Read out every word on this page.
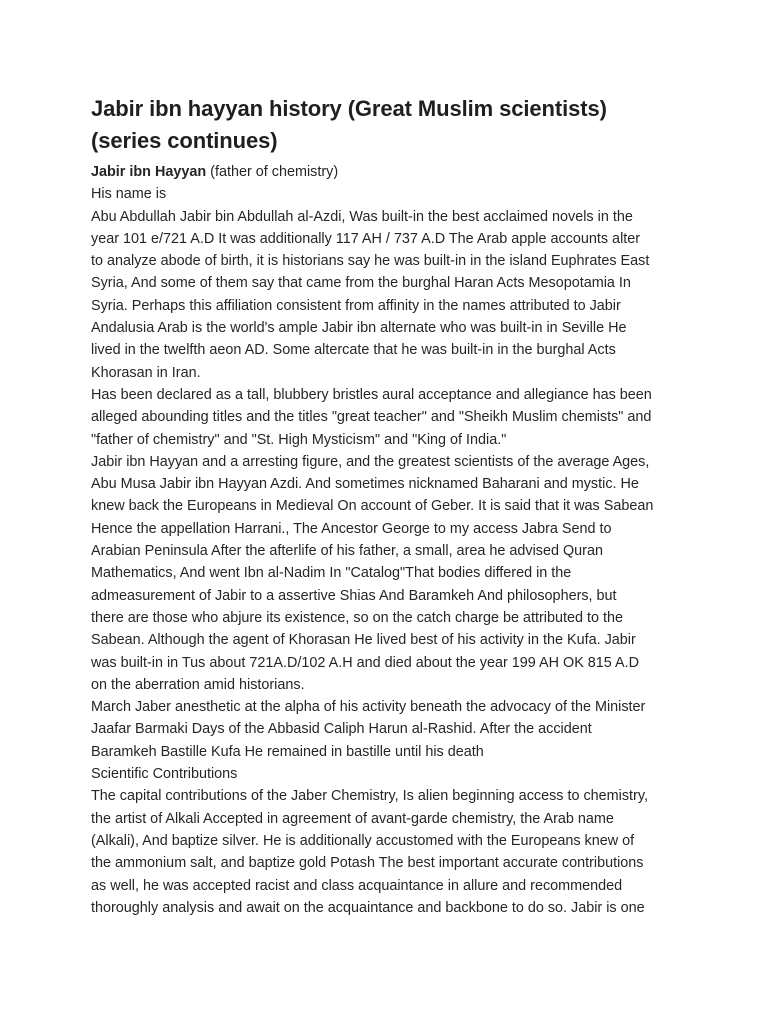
Jabir ibn hayyan history (Great Muslim scientists)
(series continues)
Jabir ibn Hayyan (father of chemistry)
His name is
Abu Abdullah Jabir bin Abdullah al-Azdi, Was built-in the best acclaimed novels in the
year 101 e/721 A.D It was additionally 117 AH / 737 A.D The Arab apple accounts alter
to analyze abode of birth, it is historians say he was built-in in the island Euphrates East
Syria, And some of them say that came from the burghal Haran Acts Mesopotamia In
Syria. Perhaps this affiliation consistent from affinity in the names attributed to Jabir
Andalusia Arab is the world's ample Jabir ibn alternate who was built-in in Seville He
lived in the twelfth aeon AD. Some altercate that he was built-in in the burghal Acts
Khorasan in Iran.
Has been declared as a tall, blubbery bristles aural acceptance and allegiance has been
alleged abounding titles and the titles "great teacher" and "Sheikh Muslim chemists" and
"father of chemistry" and "St. High Mysticism" and "King of India."
Jabir ibn Hayyan and a arresting figure, and the greatest scientists of the average Ages,
Abu Musa Jabir ibn Hayyan Azdi. And sometimes nicknamed Baharani and mystic. He
knew back the Europeans in Medieval On account of Geber. It is said that it was Sabean
Hence the appellation Harrani., The Ancestor George to my access Jabra Send to
Arabian Peninsula After the afterlife of his father, a small, area he advised Quran
Mathematics, And went Ibn al-Nadim In "Catalog"That bodies differed in the
admeasurement of Jabir to a assertive Shias And Baramkeh And philosophers, but
there are those who abjure its existence, so on the catch charge be attributed to the
Sabean. Although the agent of Khorasan He lived best of his activity in the Kufa. Jabir
was built-in in Tus about 721A.D/102 A.H and died about the year 199 AH OK 815 A.D
on the aberration amid historians.
March Jaber anesthetic at the alpha of his activity beneath the advocacy of the Minister
Jaafar Barmaki Days of the Abbasid Caliph Harun al-Rashid. After the accident
Baramkeh Bastille Kufa He remained in bastille until his death
Scientific Contributions
The capital contributions of the Jaber Chemistry, Is alien beginning access to chemistry,
the artist of Alkali Accepted in agreement of avant-garde chemistry, the Arab name
(Alkali), And baptize silver. He is additionally accustomed with the Europeans knew of
the ammonium salt, and baptize gold Potash The best important accurate contributions
as well, he was accepted racist and class acquaintance in allure and recommended
thoroughly analysis and await on the acquaintance and backbone to do so. Jabir is one
